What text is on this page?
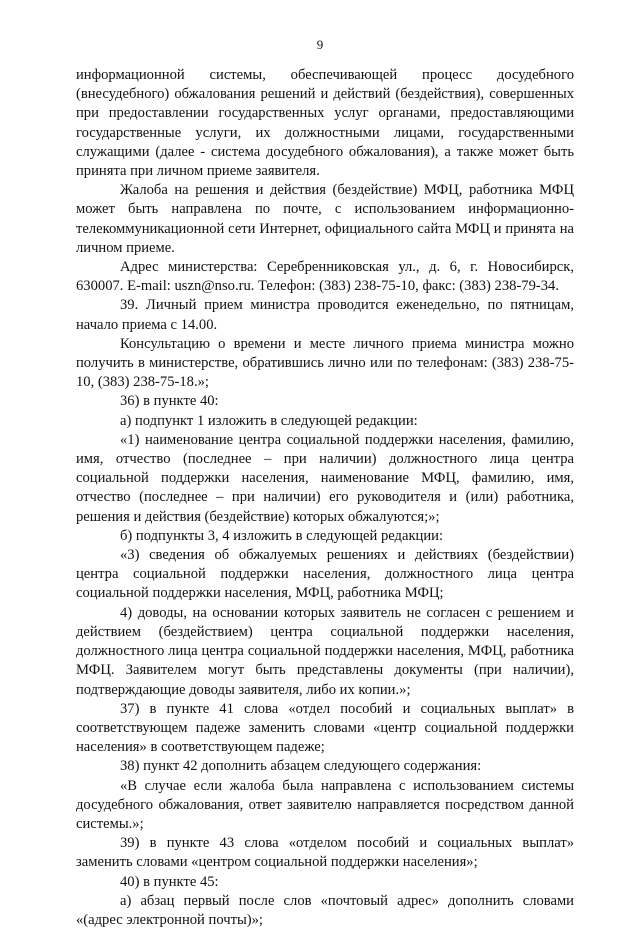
9

информационной системы, обеспечивающей процесс досудебного (внесудебного) обжалования решений и действий (бездействия), совершенных при предоставлении государственных услуг органами, предоставляющими государственные услуги, их должностными лицами, государственными служащими (далее - система досудебного обжалования), а также может быть принята при личном приеме заявителя.

Жалоба на решения и действия (бездействие) МФЦ, работника МФЦ может быть направлена по почте, с использованием информационно-телекоммуникационной сети Интернет, официального сайта МФЦ и принята на личном приеме.

Адрес министерства: Серебренниковская ул., д. 6, г. Новосибирск, 630007. E-mail: uszn@nso.ru. Телефон: (383) 238-75-10, факс: (383) 238-79-34.

39. Личный прием министра проводится еженедельно, по пятницам, начало приема с 14.00.

Консультацию о времени и месте личного приема министра можно получить в министерстве, обратившись лично или по телефонам: (383) 238-75-10, (383) 238-75-18.»;

36) в пункте 40:

а) подпункт 1 изложить в следующей редакции:

«1) наименование центра социальной поддержки населения, фамилию, имя, отчество (последнее – при наличии) должностного лица центра социальной поддержки населения, наименование МФЦ, фамилию, имя, отчество (последнее – при наличии) его руководителя и (или) работника, решения и действия (бездействие) которых обжалуются;»;

б) подпункты 3, 4 изложить в следующей редакции:

«3) сведения об обжалуемых решениях и действиях (бездействии) центра социальной поддержки населения, должностного лица центра социальной поддержки населения, МФЦ, работника МФЦ;

4) доводы, на основании которых заявитель не согласен с решением и действием (бездействием) центра социальной поддержки населения, должностного лица центра социальной поддержки населения, МФЦ, работника МФЦ. Заявителем могут быть представлены документы (при наличии), подтверждающие доводы заявителя, либо их копии.»;

37) в пункте 41 слова «отдел пособий и социальных выплат» в соответствующем падеже заменить словами «центр социальной поддержки населения» в соответствующем падеже;

38) пункт 42 дополнить абзацем следующего содержания:

«В случае если жалоба была направлена с использованием системы досудебного обжалования, ответ заявителю направляется посредством данной системы.»;

39) в пункте 43 слова «отделом пособий и социальных выплат» заменить словами «центром социальной поддержки населения»;

40) в пункте 45:

а) абзац первый после слов «почтовый адрес» дополнить словами «(адрес электронной почты)»;
